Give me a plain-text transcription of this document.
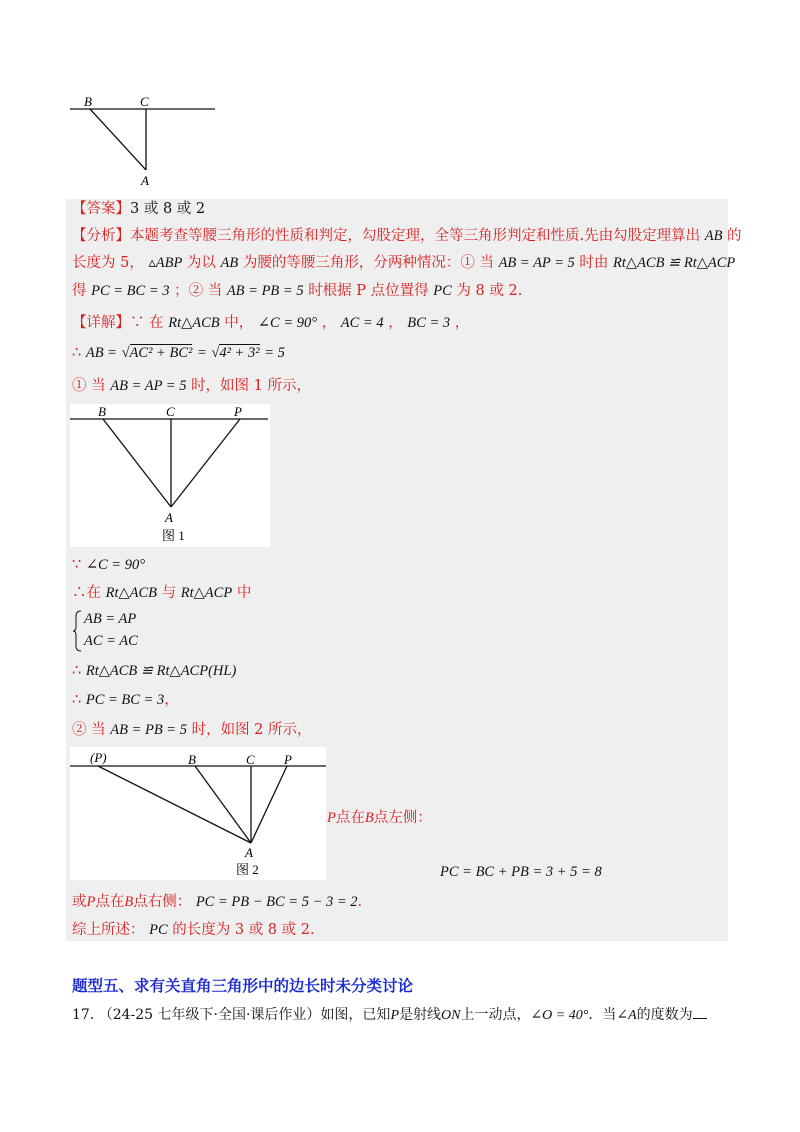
B	C
A
【答案】3 或 8 或 2
【分析】本题考查等腰三角形的性质和判定，勾股定理，全等三角形判定和性质.先由勾股定理算出 AB 的
长度为 5， ▵ABP 为以 AB 为腰的等腰三角形，分两种情况：① 当 AB = AP = 5 时由 Rt△ACB ≌ Rt△ACP
得 PC = BC = 3 ；② 当 AB = PB = 5 时根据 P 点位置得 PC 为 8 或 2.
【详解】∵ 在 Rt△ACB 中， ∠C = 90° ， AC = 4 ， BC = 3 ，
∴ AB = √AC² + BC² = √4² + 3² = 5
① 当 AB = AP = 5 时，如图 1 所示，
B	C	P
A
图 1
∵ ∠C = 90°
∴在 Rt△ACB 与 Rt△ACP 中
AB = AP
AC = AC
∴ Rt△ACB ≌ Rt△ACP(HL)
∴ PC = BC = 3，
② 当 AB = PB = 5 时，如图 2 所示，
(P)	B	C P
A
图 2
P点在B点左侧：
PC = BC + PB = 3 + 5 = 8
或P点在B点右侧： PC = PB − BC = 5 − 3 = 2.
综上所述： PC 的长度为 3 或 8 或 2.
题型五、求有关直角三角形中的边长时未分类讨论
17. （24-25 七年级下·全国·课后作业）如图，已知P是射线ON上一动点，∠O = 40°．当∠A的度数为
